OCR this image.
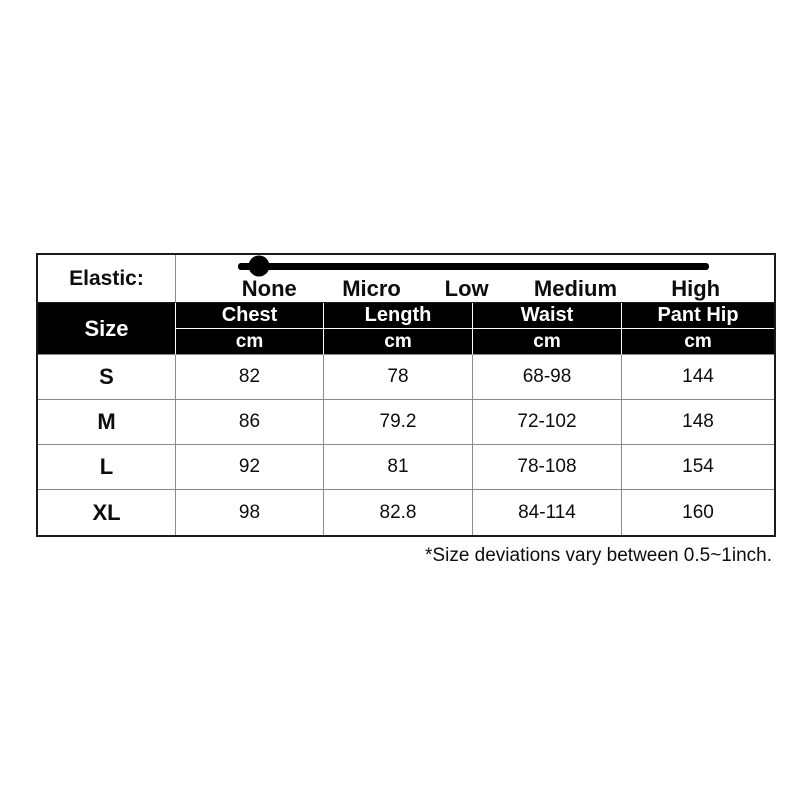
Elastic:	None Micro Low Medium High			

Size	Chest	Length	Waist	Pant Hip
	cm	cm	cm	cm
S	82	78	68-98	144
M	86	79.2	72-102	148
L	92	81	78-108	154
XL	98	82.8	84-114	160
*Size deviations vary between 0.5~1inch.
